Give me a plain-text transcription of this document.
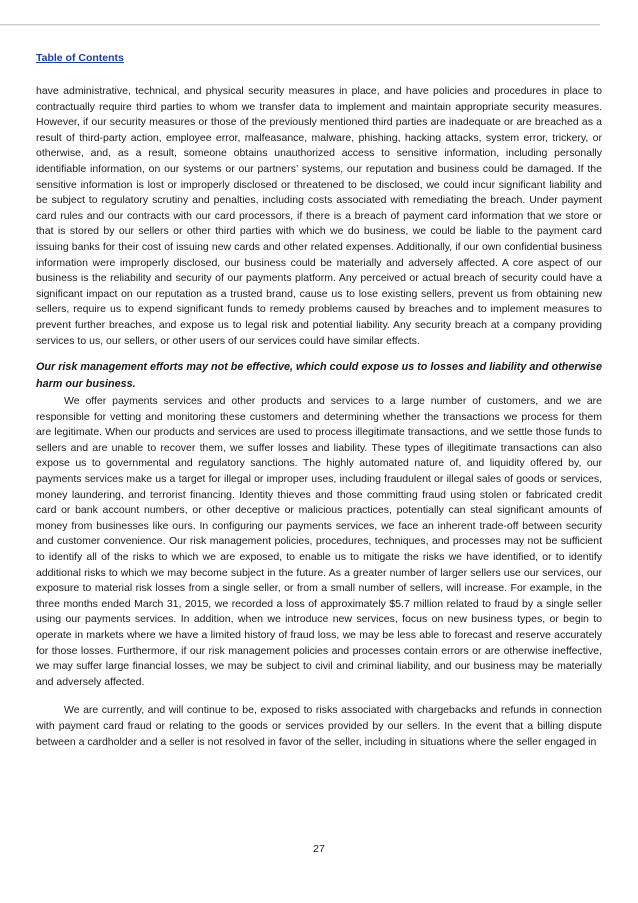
Table of Contents

have administrative, technical, and physical security measures in place, and have policies and procedures in place to contractually require third parties to whom we transfer data to implement and maintain appropriate security measures. However, if our security measures or those of the previously mentioned third parties are inadequate or are breached as a result of third-party action, employee error, malfeasance, malware, phishing, hacking attacks, system error, trickery, or otherwise, and, as a result, someone obtains unauthorized access to sensitive information, including personally identifiable information, on our systems or our partners’ systems, our reputation and business could be damaged. If the sensitive information is lost or improperly disclosed or threatened to be disclosed, we could incur significant liability and be subject to regulatory scrutiny and penalties, including costs associated with remediating the breach. Under payment card rules and our contracts with our card processors, if there is a breach of payment card information that we store or that is stored by our sellers or other third parties with which we do business, we could be liable to the payment card issuing banks for their cost of issuing new cards and other related expenses. Additionally, if our own confidential business information were improperly disclosed, our business could be materially and adversely affected. A core aspect of our business is the reliability and security of our payments platform. Any perceived or actual breach of security could have a significant impact on our reputation as a trusted brand, cause us to lose existing sellers, prevent us from obtaining new sellers, require us to expend significant funds to remedy problems caused by breaches and to implement measures to prevent further breaches, and expose us to legal risk and potential liability. Any security breach at a company providing services to us, our sellers, or other users of our services could have similar effects.

Our risk management efforts may not be effective, which could expose us to losses and liability and otherwise harm our business.

We offer payments services and other products and services to a large number of customers, and we are responsible for vetting and monitoring these customers and determining whether the transactions we process for them are legitimate. When our products and services are used to process illegitimate transactions, and we settle those funds to sellers and are unable to recover them, we suffer losses and liability. These types of illegitimate transactions can also expose us to governmental and regulatory sanctions. The highly automated nature of, and liquidity offered by, our payments services make us a target for illegal or improper uses, including fraudulent or illegal sales of goods or services, money laundering, and terrorist financing. Identity thieves and those committing fraud using stolen or fabricated credit card or bank account numbers, or other deceptive or malicious practices, potentially can steal significant amounts of money from businesses like ours. In configuring our payments services, we face an inherent trade-off between security and customer convenience. Our risk management policies, procedures, techniques, and processes may not be sufficient to identify all of the risks to which we are exposed, to enable us to mitigate the risks we have identified, or to identify additional risks to which we may become subject in the future. As a greater number of larger sellers use our services, our exposure to material risk losses from a single seller, or from a small number of sellers, will increase. For example, in the three months ended March 31, 2015, we recorded a loss of approximately $5.7 million related to fraud by a single seller using our payments services. In addition, when we introduce new services, focus on new business types, or begin to operate in markets where we have a limited history of fraud loss, we may be less able to forecast and reserve accurately for those losses. Furthermore, if our risk management policies and processes contain errors or are otherwise ineffective, we may suffer large financial losses, we may be subject to civil and criminal liability, and our business may be materially and adversely affected.

We are currently, and will continue to be, exposed to risks associated with chargebacks and refunds in connection with payment card fraud or relating to the goods or services provided by our sellers. In the event that a billing dispute between a cardholder and a seller is not resolved in favor of the seller, including in situations where the seller engaged in

27
